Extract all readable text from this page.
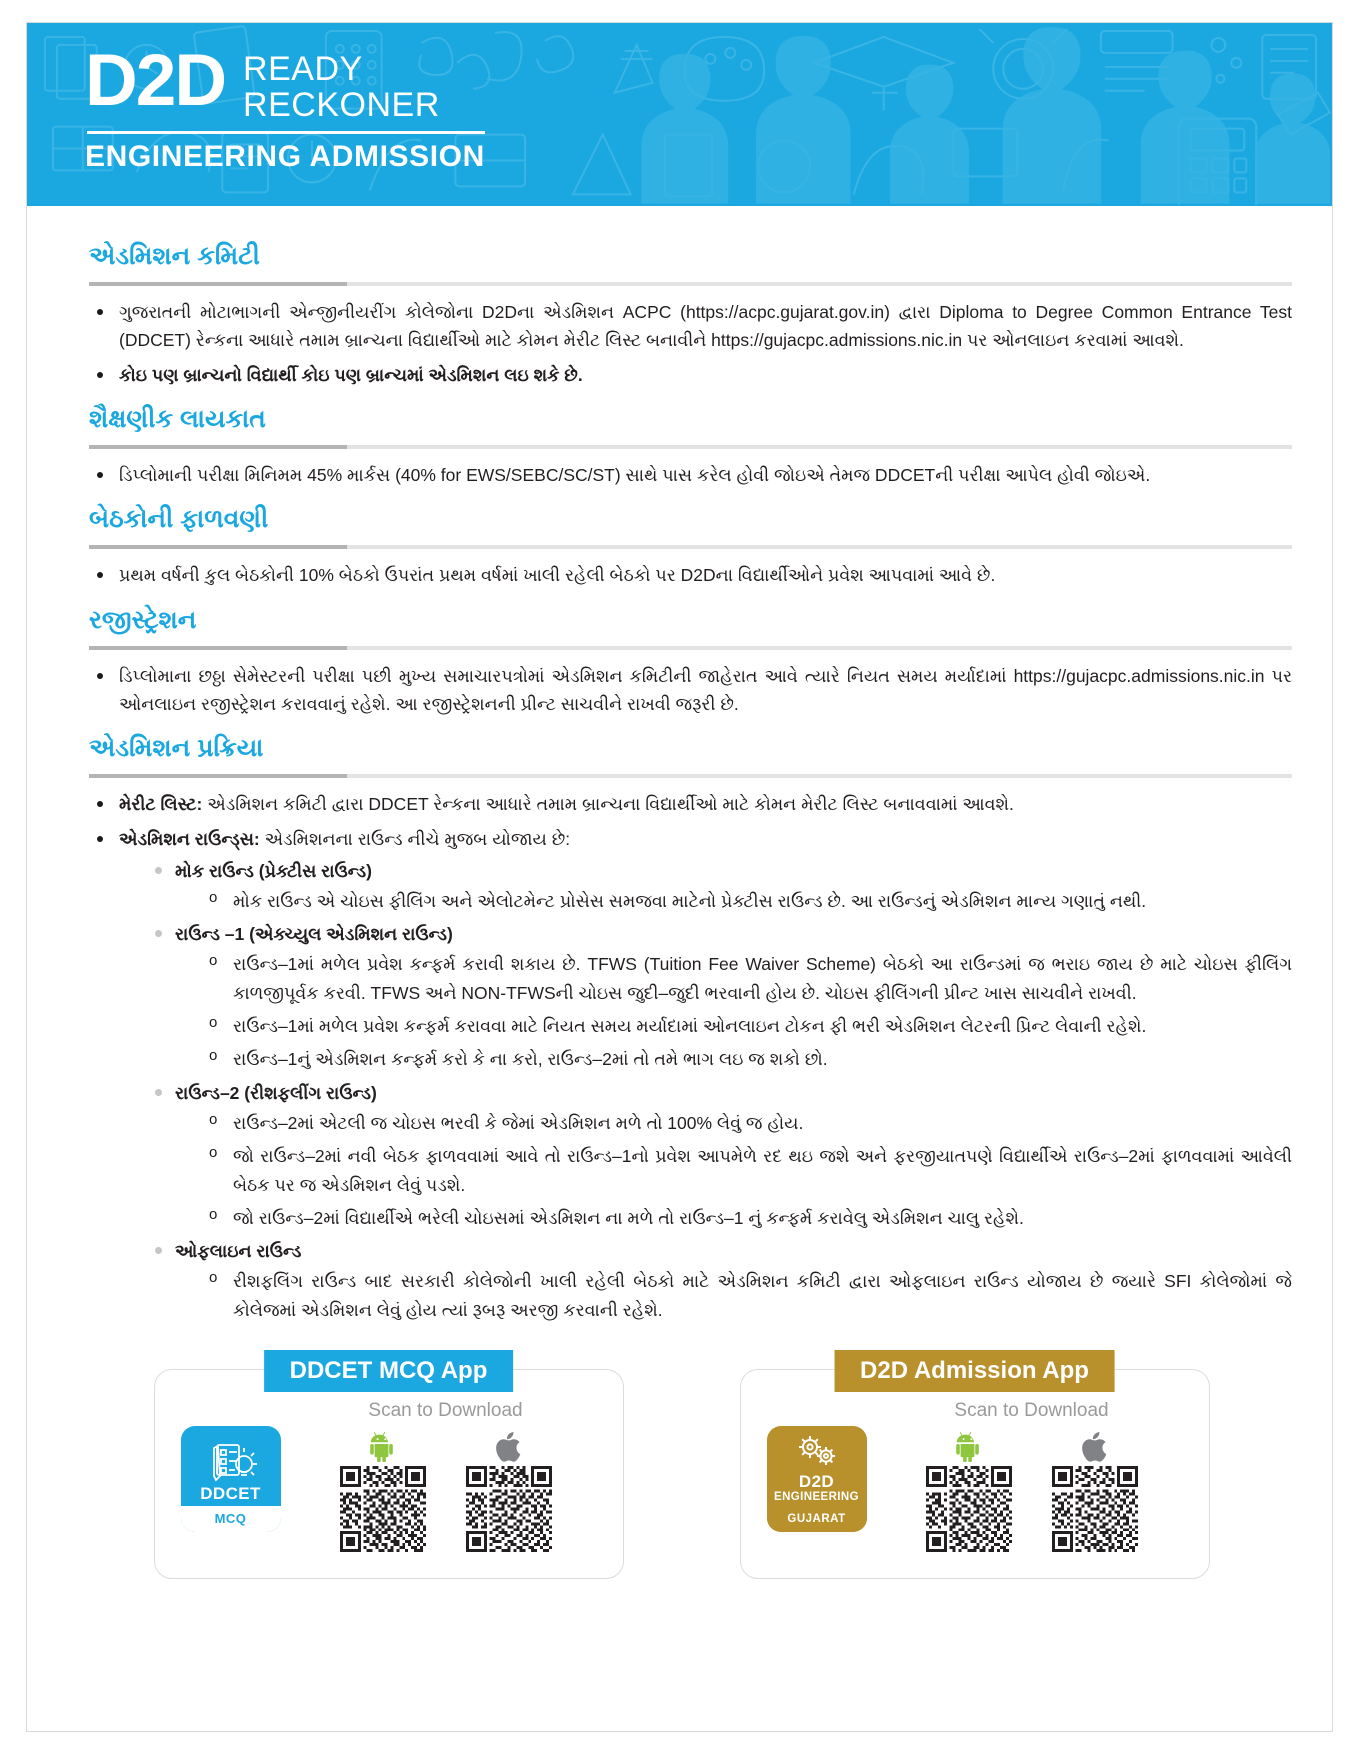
D2D READY
RECKONER
ENGINEERING ADMISSION
એડમિશન કમિટી
ગુજરાતની મોટાભાગની એન્જીનીયરીંગ કોલેજોના D2Dના એડમિશન ACPC (https://acpc.gujarat.gov.in) દ્વારા Diploma to Degree Common Entrance Test (DDCET) રેન્કના આધારે તમામ બ્રાન્ચના વિદ્યાર્થીઓ માટે કોમન મેરીટ લિસ્ટ બનાવીને https://gujacpc.admissions.nic.in પર ઓનલાઇન કરવામાં આવશે.
કોઇ પણ બ્રાન્ચનો વિદ્યાર્થી કોઇ પણ બ્રાન્ચમાં એડમિશન લઇ શકે છે.
શૈક્ષણીક લાયકાત
ડિપ્લોમાની પરીક્ષા મિનિમમ 45% માર્કસ (40% for EWS/SEBC/SC/ST) સાથે પાસ કરેલ હોવી જોઇએ તેમજ DDCETની પરીક્ષા આપેલ હોવી જોઇએ.
બેઠકોની ફાળવણી
પ્રથમ વર્ષની કુલ બેઠકોની 10% બેઠકો ઉપરાંત પ્રથમ વર્ષમાં ખાલી રહેલી બેઠકો પર D2Dના વિદ્યાર્થીઓને પ્રવેશ આપવામાં આવે છે.
રજીસ્ટ્રેશન
ડિપ્લોમાના છઠ્ઠા સેમેસ્ટરની પરીક્ષા પછી મુખ્ય સમાચારપત્રોમાં એડમિશન કમિટીની જાહેરાત આવે ત્યારે નિયત સમય મર્યાદામાં https://gujacpc.admissions.nic.in પર ઓનલાઇન રજીસ્ટ્રેશન કરાવવાનું રહેશે. આ રજીસ્ટ્રેશનની પ્રીન્ટ સાચવીને રાખવી જરૂરી છે.
એડમિશન પ્રક્રિયા
મેરીટ લિસ્ટ: એડમિશન કમિટી દ્વારા DDCET રેન્કના આધારે તમામ બ્રાન્ચના વિદ્યાર્થીઓ માટે કોમન મેરીટ લિસ્ટ બનાવવામાં આવશે.
એડમિશન રાઉન્ડ્સ: એડમિશનના રાઉન્ડ નીચે મુજબ યોજાય છે:
મોક રાઉન્ડ (પ્રેક્ટીસ રાઉન્ડ)
o મોક રાઉન્ડ એ ચોઇસ ફીલિંગ અને એલોટમેન્ટ પ્રોસેસ સમજવા માટેનો પ્રેક્ટીસ રાઉન્ડ છે. આ રાઉન્ડનું એડમિશન માન્ય ગણાતું નથી.
રાઉન્ડ –1 (એક્ચ્યુલ એડમિશન રાઉન્ડ)
o રાઉન્ડ–1માં મળેલ પ્રવેશ કન્ફર્મ કરાવી શકાય છે. TFWS (Tuition Fee Waiver Scheme) બેઠકો આ રાઉન્ડમાં જ ભરાઇ જાય છે માટે ચોઇસ ફીલિંગ કાળજીપૂર્વક કરવી. TFWS અને NON-TFWSની ચોઇસ જુદી–જુદી ભરવાની હોય છે. ચોઇસ ફીલિંગની પ્રીન્ટ ખાસ સાચવીને રાખવી.
o રાઉન્ડ–1માં મળેલ પ્રવેશ કન્ફર્મ કરાવવા માટે નિયત સમય મર્યાદામાં ઓનલાઇન ટોકન ફી ભરી એડમિશન લેટરની પ્રિન્ટ લેવાની રહેશે.
o રાઉન્ડ–1નું એડમિશન કન્ફર્મ કરો કે ના કરો, રાઉન્ડ–2માં તો તમે ભાગ લઇ જ શકો છો.
રાઉન્ડ–2 (રીશફલીંગ રાઉન્ડ)
o રાઉન્ડ–2માં એટલી જ ચોઇસ ભરવી કે જેમાં એડમિશન મળે તો 100% લેવું જ હોય.
o જો રાઉન્ડ–2માં નવી બેઠક ફાળવવામાં આવે તો રાઉન્ડ–1નો પ્રવેશ આપમેળે રદ થઇ જશે અને ફરજીયાતપણે વિદ્યાર્થીએ રાઉન્ડ–2માં ફાળવવામાં આવેલી બેઠક પર જ એડમિશન લેવું પડશે.
o જો રાઉન્ડ–2માં વિદ્યાર્થીએ ભરેલી ચોઇસમાં એડમિશન ના મળે તો રાઉન્ડ–1 નું કન્ફર્મ કરાવેલુ એડમિશન ચાલુ રહેશે.
ઓફલાઇન રાઉન્ડ
o રીશફલિંગ રાઉન્ડ બાદ સરકારી કોલેજોની ખાલી રહેલી બેઠકો માટે એડમિશન કમિટી દ્વારા ઓફલાઇન રાઉન્ડ યોજાય છે જયારે SFI કોલેજોમાં જે કોલેજમાં એડમિશન લેવું હોય ત્યાં રૂબરૂ અરજી કરવાની રહેશે.
DDCET MCQ App
DDCET
MCQ
Scan to Download
D2D Admission App
D2D
ENGINEERING
GUJARAT
Scan to Download
